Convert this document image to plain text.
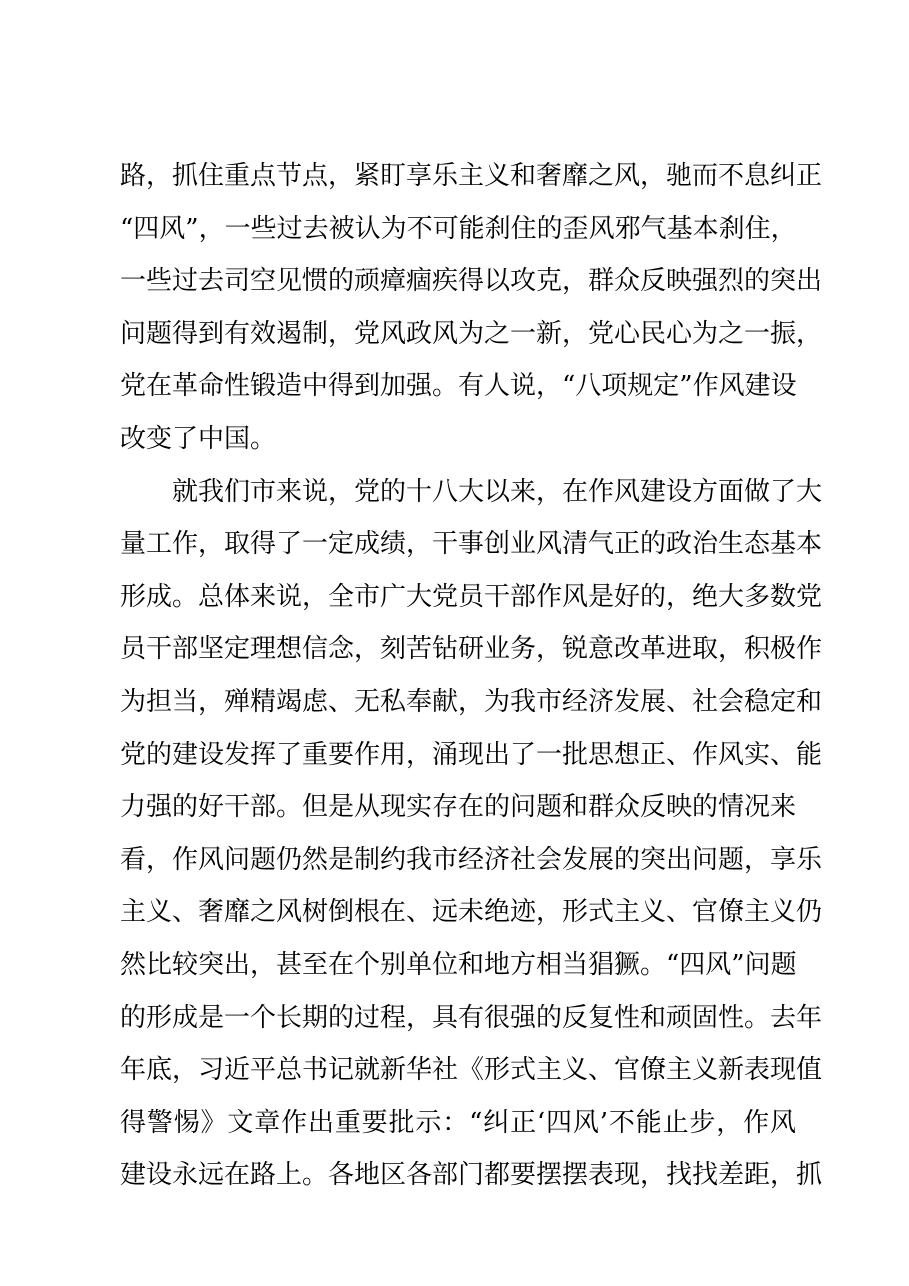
路，抓住重点节点，紧盯享乐主义和奢靡之风，驰而不息纠正
“四风”，一些过去被认为不可能刹住的歪风邪气基本刹住，
一些过去司空见惯的顽瘴痼疾得以攻克，群众反映强烈的突出
问题得到有效遏制，党风政风为之一新，党心民心为之一振，
党在革命性锻造中得到加强。有人说，“八项规定”作风建设
改变了中国。
　　就我们市来说，党的十八大以来，在作风建设方面做了大
量工作，取得了一定成绩，干事创业风清气正的政治生态基本
形成。总体来说，全市广大党员干部作风是好的，绝大多数党
员干部坚定理想信念，刻苦钻研业务，锐意改革进取，积极作
为担当，殚精竭虑、无私奉献，为我市经济发展、社会稳定和
党的建设发挥了重要作用，涌现出了一批思想正、作风实、能
力强的好干部。但是从现实存在的问题和群众反映的情况来
看，作风问题仍然是制约我市经济社会发展的突出问题，享乐
主义、奢靡之风树倒根在、远未绝迹，形式主义、官僚主义仍
然比较突出，甚至在个别单位和地方相当猖獗。“四风”问题
的形成是一个长期的过程，具有很强的反复性和顽固性。去年
年底，习近平总书记就新华社《形式主义、官僚主义新表现值
得警惕》文章作出重要批示：“纠正‘四风’不能止步，作风
建设永远在路上。各地区各部门都要摆摆表现，找找差距，抓
